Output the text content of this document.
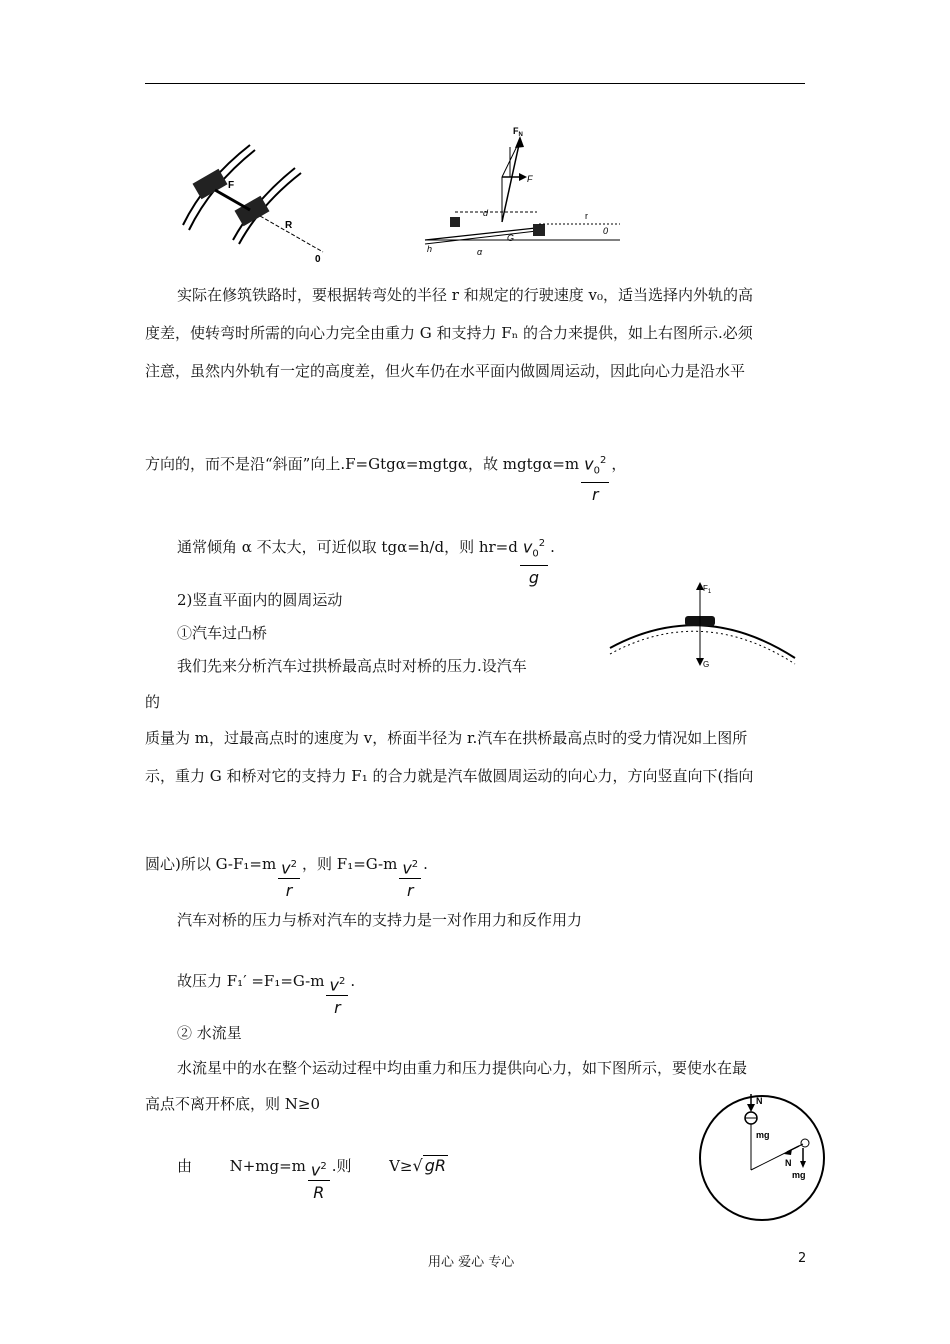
F
R
0
$F_N$
F
d	r
0
G
h	α
实际在修筑铁路时，要根据转弯处的半径 r 和规定的行驶速度 v₀，适当选择内外轨的高
度差，使转弯时所需的向心力完全由重力 G 和支持力 Fₙ 的合力来提供，如上右图所示.必须
注意，虽然内外轨有一定的高度差，但火车仍在水平面内做圆周运动，因此向心力是沿水平
方向的，而不是沿“斜面”向上.F=Gtgα=mgtgα，故 mgtgα=m $\frac{v_0^2}{r}$ ，
通常倾角 α 不太大，可近似取 tgα=h/d，则 $hr=d \frac{v_0^2}{g}$ .
2)竖直平面内的圆周运动
①汽车过凸桥
我们先来分析汽车过拱桥最高点时对桥的压力.设汽车
的
$F_1$
G
质量为 m，过最高点时的速度为 v，桥面半径为 r.汽车在拱桥最高点时的受力情况如上图所
示，重力 G 和桥对它的支持力 F₁ 的合力就是汽车做圆周运动的向心力，方向竖直向下(指向
圆心)所以 $G-F_1=m \frac{v^2}{r}$ ，则 $F_1=G-m \frac{v^2}{r}$ .
汽车对桥的压力与桥对汽车的支持力是一对作用力和反作用力
故压力 $F_1' =F_1=G-m \frac{v^2}{r}$ .
② 水流星
水流星中的水在整个运动过程中均由重力和压力提供向心力，如下图所示，要使水在最
高点不离开杯底，则 N≥0
由	$N+mg=m \frac{v^2}{R}$ .则	V≥√ gR
N
mg
N
mg
用心 爱心 专心	2
